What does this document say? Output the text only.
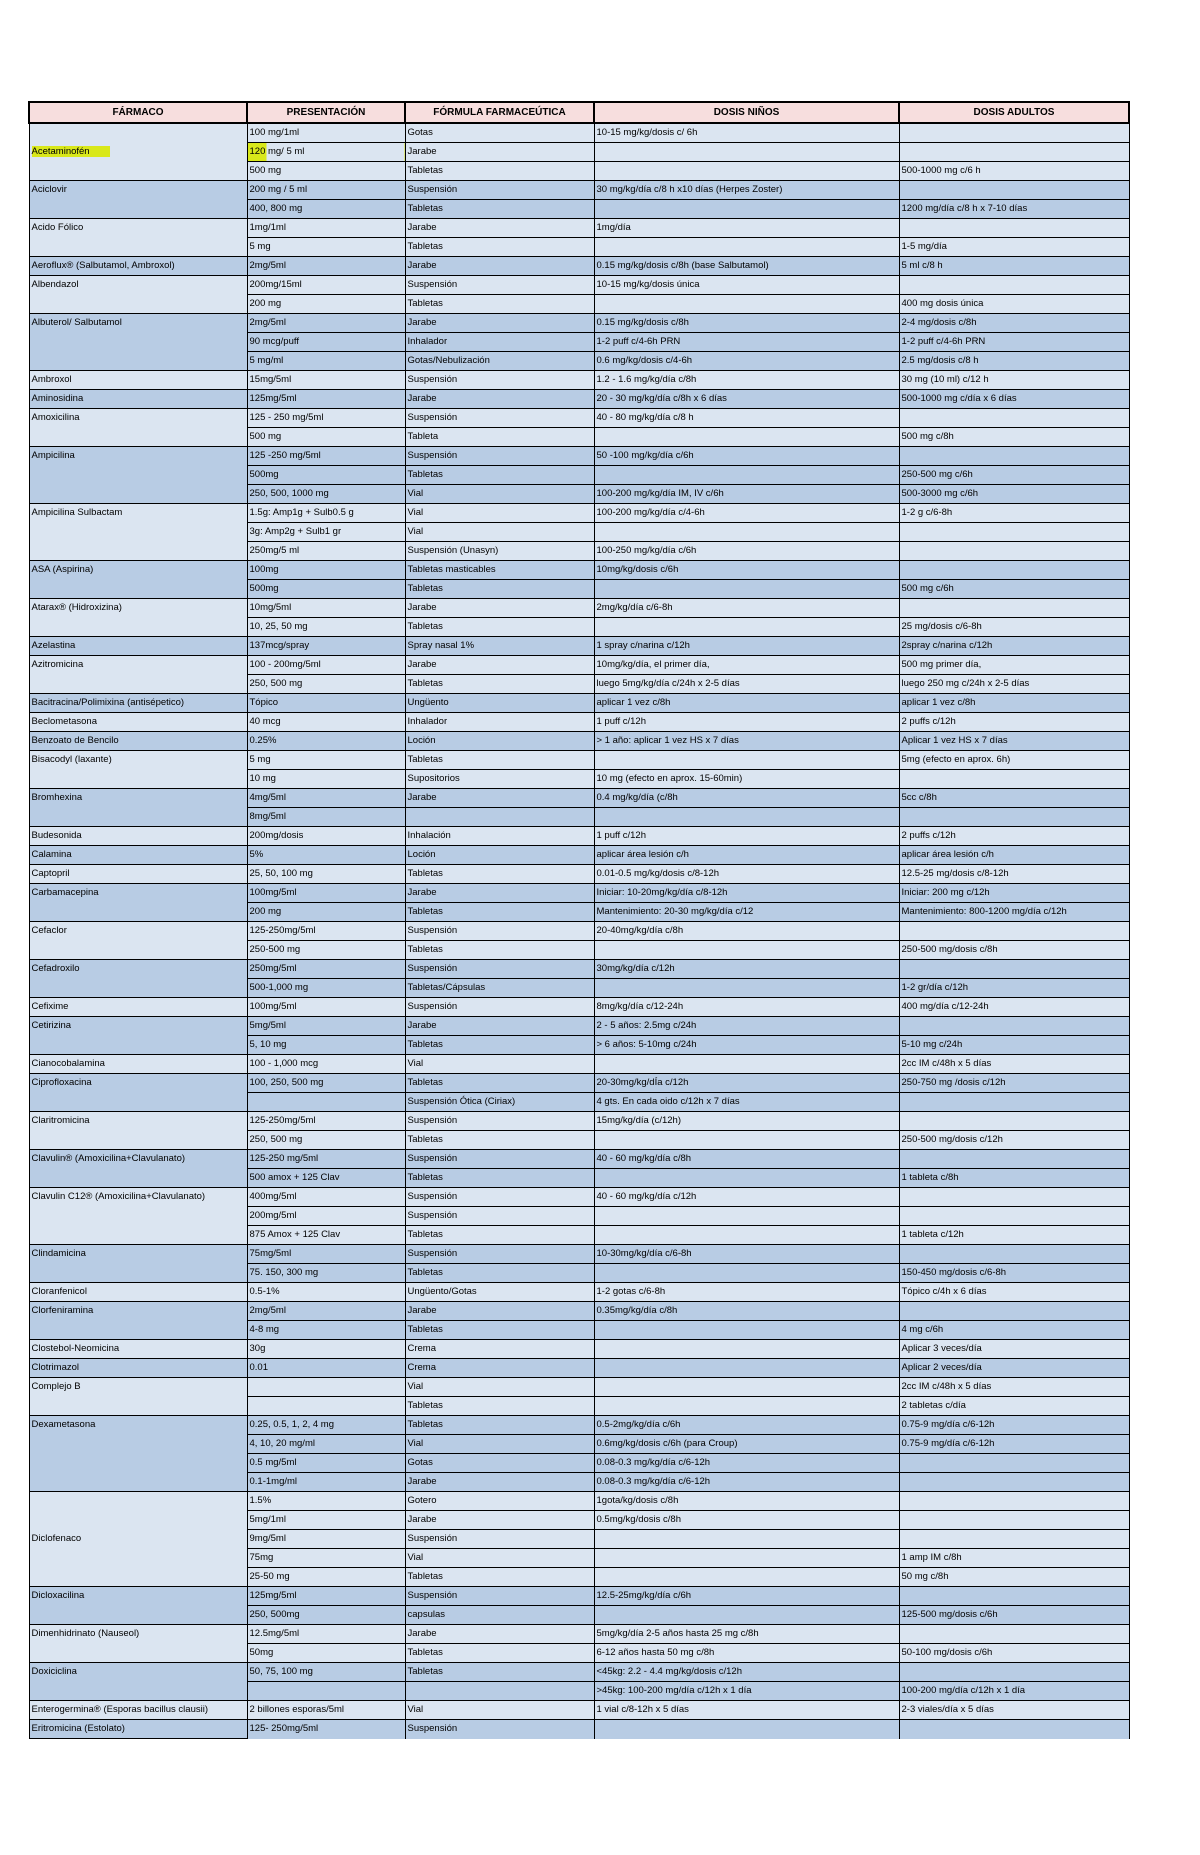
FÁRMACO	PRESENTACIÓN	FÓRMULA FARMACEÚTICA	DOSIS NIÑOS	DOSIS ADULTOS
	100 mg/1ml	Gotas	10-15 mg/kg/dosis c/ 6h	
Acetaminofén	120 mg/ 5 ml	Jarabe		
	500 mg	Tabletas		500-1000 mg c/6 h
Aciclovir	200 mg / 5 ml	Suspensión	30 mg/kg/día c/8 h x10 días (Herpes Zoster)	
	400, 800 mg	Tabletas		1200 mg/día c/8 h x 7-10 días
Acido Fólico	1mg/1ml	Jarabe	1mg/día	
	5 mg	Tabletas		1-5 mg/día
Aeroflux® (Salbutamol, Ambroxol)	2mg/5ml	Jarabe	0.15 mg/kg/dosis c/8h (base Salbutamol)	5 ml c/8 h
Albendazol	200mg/15ml	Suspensión	10-15 mg/kg/dosis única	
	200 mg	Tabletas		400 mg dosis única
Albuterol/ Salbutamol	2mg/5ml	Jarabe	0.15 mg/kg/dosis c/8h	2-4 mg/dosis c/8h
	90 mcg/puff	Inhalador	1-2 puff c/4-6h PRN	1-2 puff c/4-6h PRN
	5 mg/ml	Gotas/Nebulización	0.6 mg/kg/dosis c/4-6h	2.5 mg/dosis c/8 h
Ambroxol	15mg/5ml	Suspensión	1.2 - 1.6 mg/kg/día c/8h	30 mg (10 ml) c/12 h
Aminosidina	125mg/5ml	Jarabe	20 - 30 mg/kg/día c/8h x 6 días	500-1000 mg c/día x 6 días
Amoxicilina	125 - 250 mg/5ml	Suspensión	40 - 80 mg/kg/día c/8 h	
	500 mg	Tableta		500 mg c/8h
Ampicilina	125 -250 mg/5ml	Suspensión	50 -100 mg/kg/día c/6h	
	500mg	Tabletas		250-500 mg c/6h
	250, 500, 1000 mg	Vial	100-200 mg/kg/día IM, IV c/6h	500-3000 mg c/6h
Ampicilina Sulbactam	1.5g: Amp1g + Sulb0.5 g	Vial	100-200 mg/kg/día c/4-6h	1-2 g c/6-8h
	3g: Amp2g + Sulb1 gr	Vial		
	250mg/5 ml	Suspensión (Unasyn)	100-250 mg/kg/día c/6h	
ASA (Aspirina)	100mg	Tabletas masticables	10mg/kg/dosis c/6h	
	500mg	Tabletas		500 mg c/6h
Atarax® (Hidroxizina)	10mg/5ml	Jarabe	2mg/kg/día c/6-8h	
	10, 25, 50 mg	Tabletas		25 mg/dosis c/6-8h
Azelastina	137mcg/spray	Spray nasal 1%	1 spray c/narina c/12h	2spray c/narina c/12h
Azitromicina	100 - 200mg/5ml	Jarabe	10mg/kg/día, el primer día,	500 mg primer día,
	250, 500 mg	Tabletas	luego 5mg/kg/día c/24h x 2-5 días	luego 250 mg c/24h x 2-5 días
Bacitracina/Polimixina (antisépetico)	Tópico	Ungüento	aplicar 1 vez c/8h	aplicar 1 vez c/8h
Beclometasona	40 mcg	Inhalador	1 puff c/12h	2 puffs c/12h
Benzoato de Bencilo	0.25%	Loción	> 1 año: aplicar 1 vez HS x 7 días	Aplicar 1 vez HS x 7 días
Bisacodyl (laxante)	5 mg	Tabletas		5mg (efecto en aprox. 6h)
	10 mg	Supositorios	10 mg (efecto en aprox. 15-60min)	
Bromhexina	4mg/5ml	Jarabe	0.4 mg/kg/día (c/8h	5cc c/8h
	8mg/5ml			
Budesonida	200mg/dosis	Inhalación	1 puff c/12h	2 puffs c/12h
Calamina	5%	Loción	aplicar área lesión c/h	aplicar área lesión c/h
Captopril	25, 50, 100 mg	Tabletas	0.01-0.5 mg/kg/dosis c/8-12h	12.5-25 mg/dosis c/8-12h
Carbamacepina	100mg/5ml	Jarabe	Iniciar: 10-20mg/kg/día c/8-12h	Iniciar: 200 mg c/12h
	200 mg	Tabletas	Mantenimiento: 20-30 mg/kg/día c/12	Mantenimiento: 800-1200 mg/día c/12h
Cefaclor	125-250mg/5ml	Suspensión	20-40mg/kg/día c/8h	
	250-500 mg	Tabletas		250-500 mg/dosis c/8h
Cefadroxilo	250mg/5ml	Suspensión	30mg/kg/día c/12h	
	500-1,000 mg	Tabletas/Cápsulas		1-2 gr/día c/12h
Cefixime	100mg/5ml	Suspensión	8mg/kg/día c/12-24h	400 mg/día c/12-24h
Cetirizina	5mg/5ml	Jarabe	2 - 5 años: 2.5mg c/24h	
	5, 10 mg	Tabletas	> 6 años: 5-10mg c/24h	5-10 mg c/24h
Cianocobalamina	100 - 1,000 mcg	Vial		2cc IM c/48h x 5 días
Ciprofloxacina	100, 250, 500 mg	Tabletas	20-30mg/kg/dÍa c/12h	250-750 mg /dosis c/12h
		Suspensión Ótica (Ciriax)	4 gts. En cada oido c/12h x 7 días	
Claritromicina	125-250mg/5ml	Suspensión	15mg/kg/día (c/12h)	
	250, 500 mg	Tabletas		250-500 mg/dosis c/12h
Clavulin® (Amoxicilina+Clavulanato)	125-250 mg/5ml	Suspensión	40 - 60 mg/kg/día c/8h	
	500 amox + 125 Clav	Tabletas		1 tableta c/8h
Clavulin C12® (Amoxicilina+Clavulanato)	400mg/5ml	Suspensión	40 - 60 mg/kg/día c/12h	
	200mg/5ml	Suspensión		
	875 Amox + 125 Clav	Tabletas		1 tableta c/12h
Clindamicina	75mg/5ml	Suspensión	10-30mg/kg/día c/6-8h	
	75. 150, 300 mg	Tabletas		150-450 mg/dosis c/6-8h
Cloranfenicol	0.5-1%	Ungüento/Gotas	1-2 gotas c/6-8h	Tópico c/4h x 6 días
Clorfeniramina	2mg/5ml	Jarabe	0.35mg/kg/día c/8h	
	4-8 mg	Tabletas		4 mg c/6h
Clostebol-Neomicina	30g	Crema		Aplicar 3 veces/día
Clotrimazol	0.01	Crema		Aplicar 2 veces/día
Complejo B		Vial		2cc IM c/48h x 5 días
		Tabletas		2 tabletas c/día
Dexametasona	0.25, 0.5, 1, 2, 4 mg	Tabletas	0.5-2mg/kg/día c/6h	0.75-9 mg/día c/6-12h
	4, 10, 20 mg/ml	Vial	0.6mg/kg/dosis c/6h (para Croup)	0.75-9 mg/día c/6-12h
	0.5 mg/5ml	Gotas	0.08-0.3 mg/kg/día c/6-12h	
	0.1-1mg/ml	Jarabe	0.08-0.3 mg/kg/día c/6-12h	
	1.5%	Gotero	1gota/kg/dosis c/8h	
	5mg/1ml	Jarabe	0.5mg/kg/dosis c/8h	
Diclofenaco	9mg/5ml	Suspensión		
	75mg	Vial		1 amp IM c/8h
	25-50 mg	Tabletas		50 mg c/8h
Dicloxacilina	125mg/5ml	Suspensión	12.5-25mg/kg/día c/6h	
	250, 500mg	capsulas		125-500 mg/dosis c/6h
Dimenhidrinato (Nauseol)	12.5mg/5ml	Jarabe	5mg/kg/día 2-5 años hasta 25 mg c/8h	
	50mg	Tabletas	6-12 años hasta 50 mg c/8h	50-100 mg/dosis c/6h
Doxiciclina	50, 75, 100 mg	Tabletas	<45kg: 2.2 - 4.4 mg/kg/dosis c/12h	
			>45kg: 100-200 mg/día c/12h x 1 día	100-200 mg/día c/12h x 1 día
Enterogermina® (Esporas bacillus clausii)	2 billones esporas/5ml	Vial	1 vial c/8-12h x 5 días	2-3 viales/día x 5 días
Eritromicina (Estolato)	125- 250mg/5ml	Suspensión		
